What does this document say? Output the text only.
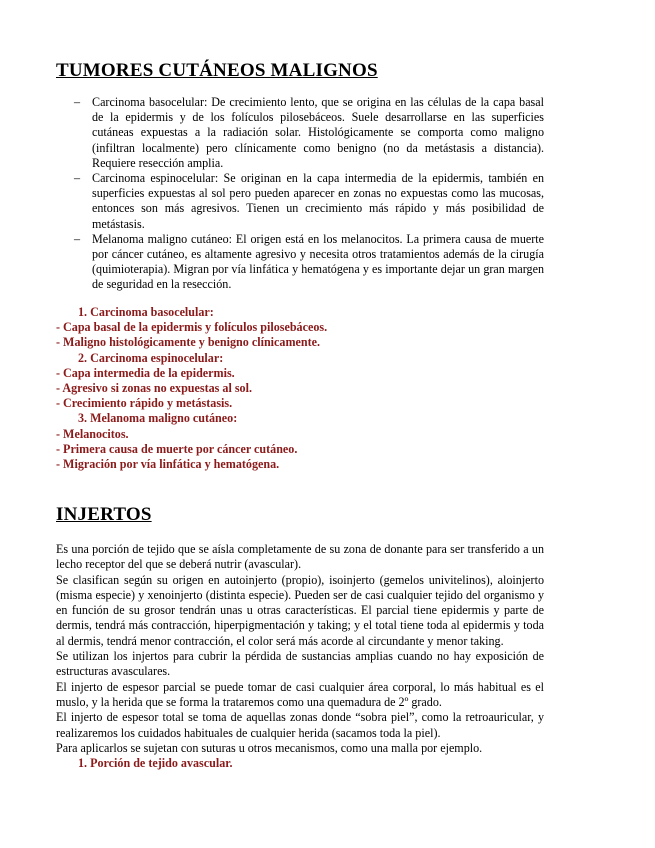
TUMORES CUTÁNEOS MALIGNOS
– Carcinoma basocelular: De crecimiento lento, que se origina en las células de la capa basal de la epidermis y de los folículos pilosebáceos. Suele desarrollarse en las superficies cutáneas expuestas a la radiación solar. Histológicamente se comporta como maligno (infiltran localmente) pero clínicamente como benigno (no da metástasis a distancia). Requiere resección amplia.
– Carcinoma espinocelular: Se originan en la capa intermedia de la epidermis, también en superficies expuestas al sol pero pueden aparecer en zonas no expuestas como las mucosas, entonces son más agresivos. Tienen un crecimiento más rápido y más posibilidad de metástasis.
– Melanoma maligno cutáneo: El origen está en los melanocitos. La primera causa de muerte por cáncer cutáneo, es altamente agresivo y necesita otros tratamientos además de la cirugía (quimioterapia). Migran por vía linfática y hematógena y es importante dejar un gran margen de seguridad en la resección.
1. Carcinoma basocelular:
- Capa basal de la epidermis y folículos pilosebáceos.
- Maligno histológicamente y benigno clínicamente.
2. Carcinoma espinocelular:
- Capa intermedia de la epidermis.
- Agresivo si zonas no expuestas al sol.
- Crecimiento rápido y metástasis.
3. Melanoma maligno cutáneo:
- Melanocitos.
- Primera causa de muerte por cáncer cutáneo.
- Migración por vía linfática y hematógena.
INJERTOS

Es una porción de tejido que se aísla completamente de su zona de donante para ser transferido a un lecho receptor del que se deberá nutrir (avascular).

Se clasifican según su origen en autoinjerto (propio), isoinjerto (gemelos univitelinos), aloinjerto (misma especie) y xenoinjerto (distinta especie). Pueden ser de casi cualquier tejido del organismo y en función de su grosor tendrán unas u otras características. El parcial tiene epidermis y parte de dermis, tendrá más contracción, hiperpigmentación y taking; y el total tiene toda al epidermis y toda al dermis, tendrá menor contracción, el color será más acorde al circundante y menor taking.

Se utilizan los injertos para cubrir la pérdida de sustancias amplias cuando no hay exposición de estructuras avasculares.

El injerto de espesor parcial se puede tomar de casi cualquier área corporal, lo más habitual es el muslo, y la herida que se forma la trataremos como una quemadura de 2º grado.

El injerto de espesor total se toma de aquellas zonas donde “sobra piel”, como la retroauricular, y realizaremos los cuidados habituales de cualquier herida (sacamos toda la piel).

Para aplicarlos se sujetan con suturas u otros mecanismos, como una malla por ejemplo.

1. Porción de tejido avascular.
